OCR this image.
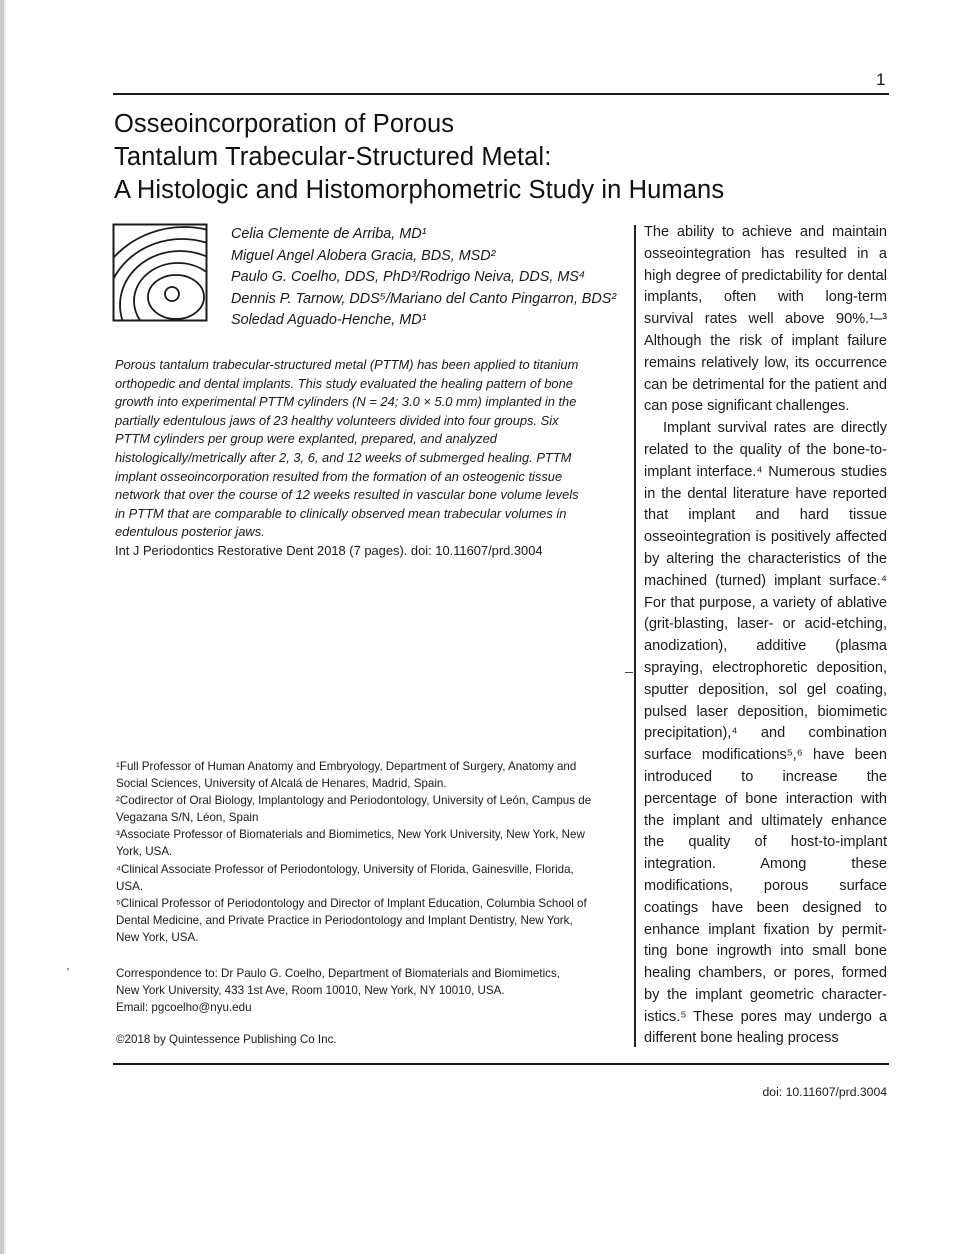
1
Osseoincorporation of Porous
Tantalum Trabecular-Structured Metal:
A Histologic and Histomorphometric Study in Humans
Celia Clemente de Arriba, MD¹
Miguel Angel Alobera Gracia, BDS, MSD²
Paulo G. Coelho, DDS, PhD³/Rodrigo Neiva, DDS, MS⁴
Dennis P. Tarnow, DDS⁵/Mariano del Canto Pingarron, BDS²
Soledad Aguado-Henche, MD¹

Porous tantalum trabecular-structured metal (PTTM) has been applied to titanium orthopedic and dental implants. This study evaluated the healing pattern of bone growth into experimental PTTM cylinders (N = 24; 3.0 × 5.0 mm) implanted in the partially edentulous jaws of 23 healthy volunteers divided into four groups. Six PTTM cylinders per group were explanted, prepared, and analyzed histologically/metrically after 2, 3, 6, and 12 weeks of submerged healing. PTTM implant osseoincorporation resulted from the formation of an osteogenic tissue network that over the course of 12 weeks resulted in vascular bone volume levels in PTTM that are comparable to clinically observed mean trabecular volumes in edentulous posterior jaws.

Int J Periodontics Restorative Dent 2018 (7 pages). doi: 10.11607/prd.3004

¹Full Professor of Human Anatomy and Embryology, Department of Surgery, Anatomy and Social Sciences, University of Alcalá de Henares, Madrid, Spain.
²Codirector of Oral Biology, Implantology and Periodontology, University of León, Campus de Vegazana S/N, Léon, Spain
³Associate Professor of Biomaterials and Biomimetics, New York University, New York, New York, USA.
⁴Clinical Associate Professor of Periodontology, University of Florida, Gainesville, Florida, USA.
⁵Clinical Professor of Periodontology and Director of Implant Education, Columbia School of Dental Medicine, and Private Practice in Periodontology and Implant Dentistry, New York, New York, USA.
Correspondence to: Dr Paulo G. Coelho, Department of Biomaterials and Biomimetics,
New York University, 433 1st Ave, Room 10010, New York, NY 10010, USA.
Email: pgcoelho@nyu.edu
©2018 by Quintessence Publishing Co Inc.

The ability to achieve and maintain osseointegration has resulted in a high degree of predictability for dental implants, often with long-term survival rates well above 90%.¹–³ Although the risk of implant failure remains relatively low, its occurrence can be detrimental for the patient and can pose significant challenges.

Implant survival rates are directly related to the quality of the bone-to-implant interface.⁴ Numerous studies in the dental literature have reported that implant and hard tissue osseointegration is positively affected by altering the characteristics of the machined (turned) implant surface.⁴ For that purpose, a variety of ablative (grit-blasting, laser- or acid-etching, anodization), additive (plasma spraying, electrophoretic deposition, sputter deposition, sol gel coating, pulsed laser deposition, biomimetic precipitation),⁴ and combination surface modifications⁵,⁶ have been introduced to increase the percentage of bone interaction with the implant and ultimately enhance the quality of host-to-implant integration. Among these modifications, porous surface coatings have been designed to enhance implant fixation by permitting bone ingrowth into small bone healing chambers, or pores, formed by the implant geometric characteristics.⁵ These pores may undergo a different bone healing process

doi: 10.11607/prd.3004
